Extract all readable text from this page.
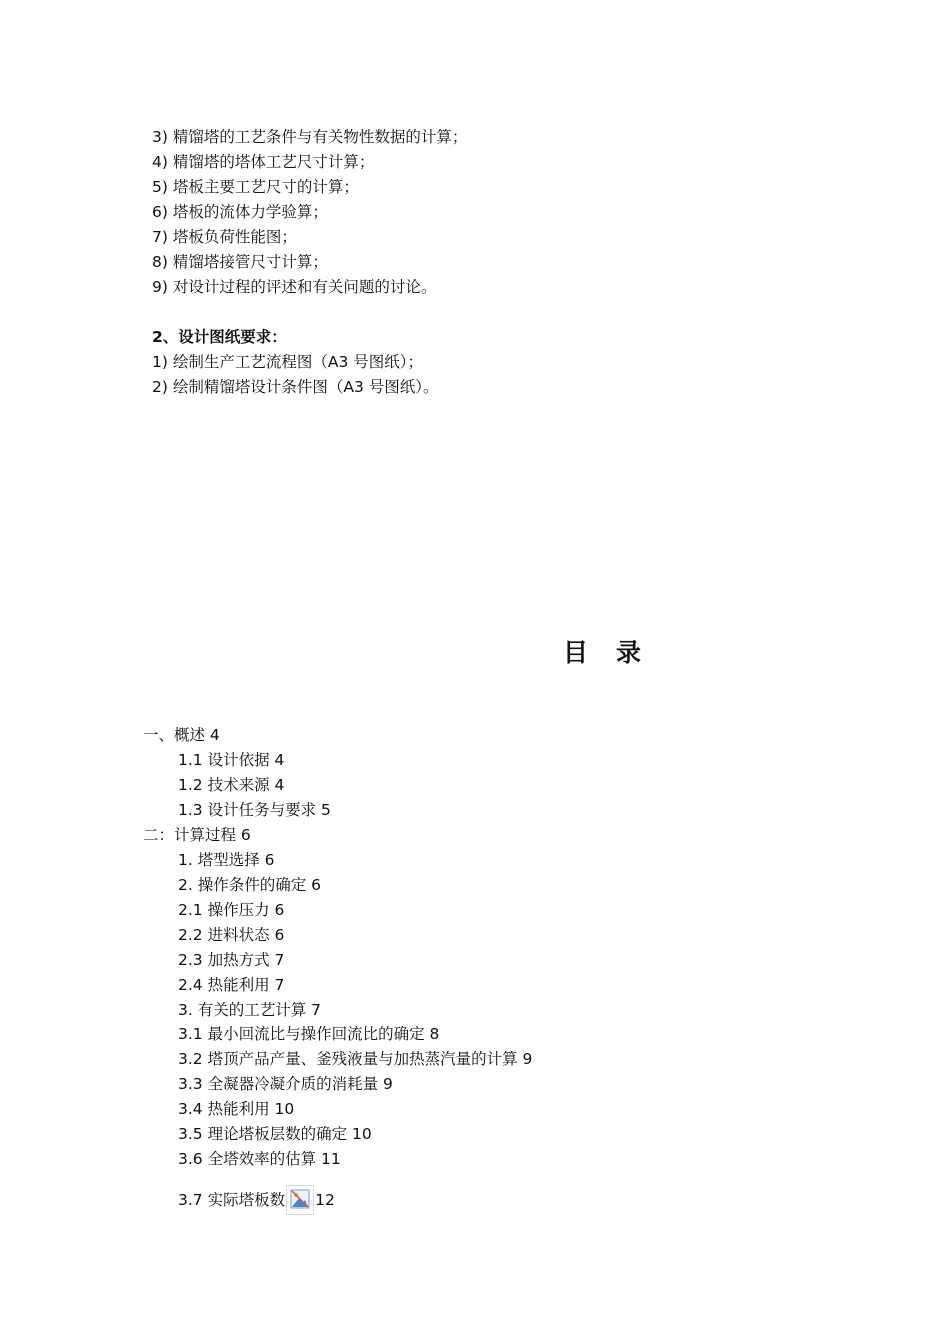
3) 精馏塔的工艺条件与有关物性数据的计算；
4) 精馏塔的塔体工艺尺寸计算；
5) 塔板主要工艺尺寸的计算；
6) 塔板的流体力学验算；
7) 塔板负荷性能图；
8) 精馏塔接管尺寸计算；
9) 对设计过程的评述和有关问题的讨论。
2、设计图纸要求：
1) 绘制生产工艺流程图（A3 号图纸）；
2) 绘制精馏塔设计条件图（A3 号图纸）。
目录
一、概述 4
1.1 设计依据 4
1.2 技术来源 4
1.3 设计任务与要求 5
二：计算过程 6
1. 塔型选择 6
2. 操作条件的确定 6
2.1 操作压力 6
2.2 进料状态 6
2.3 加热方式 7
2.4 热能利用 7
3. 有关的工艺计算 7
3.1 最小回流比与操作回流比的确定 8
3.2 塔顶产品产量、釜残液量与加热蒸汽量的计算 9
3.3 全凝器冷凝介质的消耗量 9
3.4 热能利用 10
3.5 理论塔板层数的确定 10
3.6 全塔效率的估算 11
3.7 实际塔板数 12
